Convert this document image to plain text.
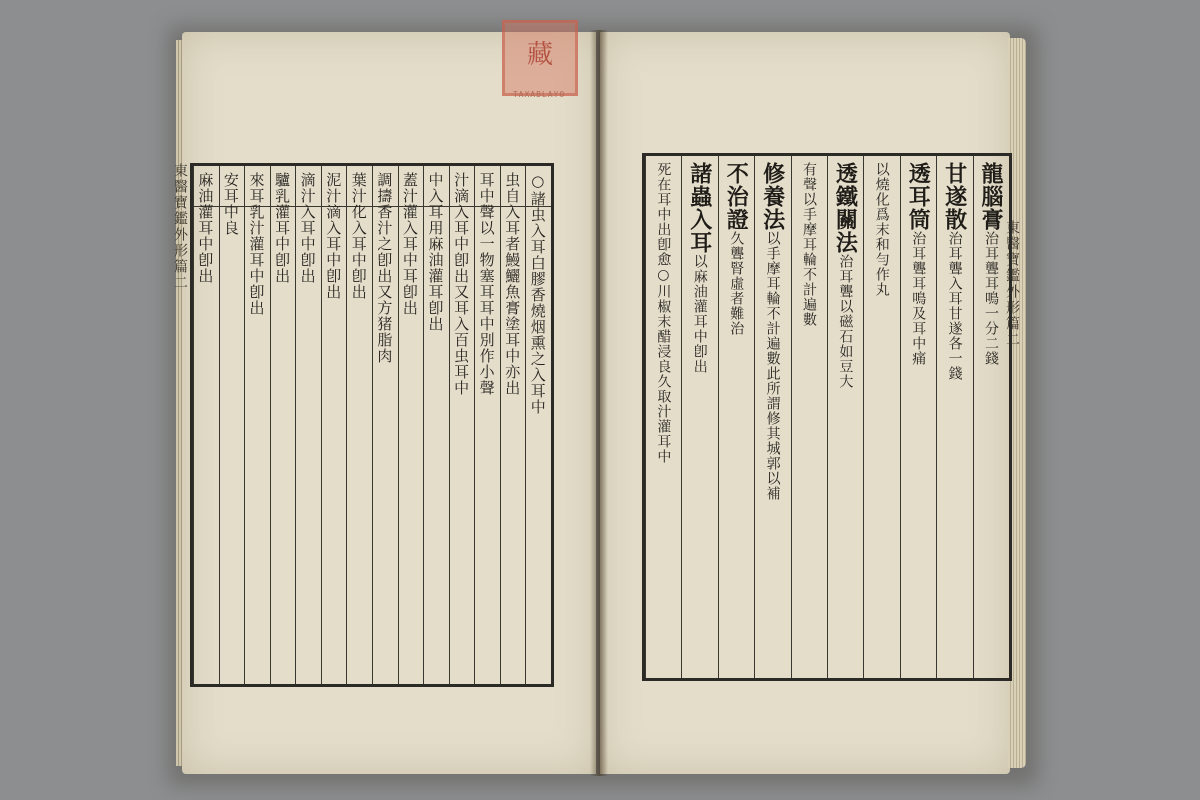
藏
TAXABLAYO
東醫寶鑑外形篇二	東醫寶鑑外形篇二
○諸虫入耳白膠香燒烟熏之入耳中
虫自入耳者鰻鱺魚膏塗耳中亦出
耳中聲以一物塞耳耳中別作小聲
汁滴入耳中卽出又耳入百虫耳中
中入耳用麻油灌耳卽出
蓋汁灌入耳中耳卽出
調擣香汁之卽出又方猪脂肉
葉汁化入耳中卽出
泥汁滴入耳中卽出
滴汁入耳中卽出
驢乳灌耳中卽出
來耳乳汁灌耳中卽出
安耳中良
麻油灌耳中卽出	龍腦膏治耳聾耳鳴一分二錢
甘遂散治耳聾入耳甘遂各一錢
透耳筒治耳聾耳鳴及耳中痛
以燒化爲末和勻作丸
透鐵關法治耳聾以磁石如豆大
有聲以手摩耳輪不計遍數
修養法以手摩耳輪不計遍數此所謂修其城郭以補
不治證久聾腎虛者難治
諸蟲入耳以麻油灌耳中卽出
死在耳中出卽愈○川椒末醋浸良久取汁灌耳中
